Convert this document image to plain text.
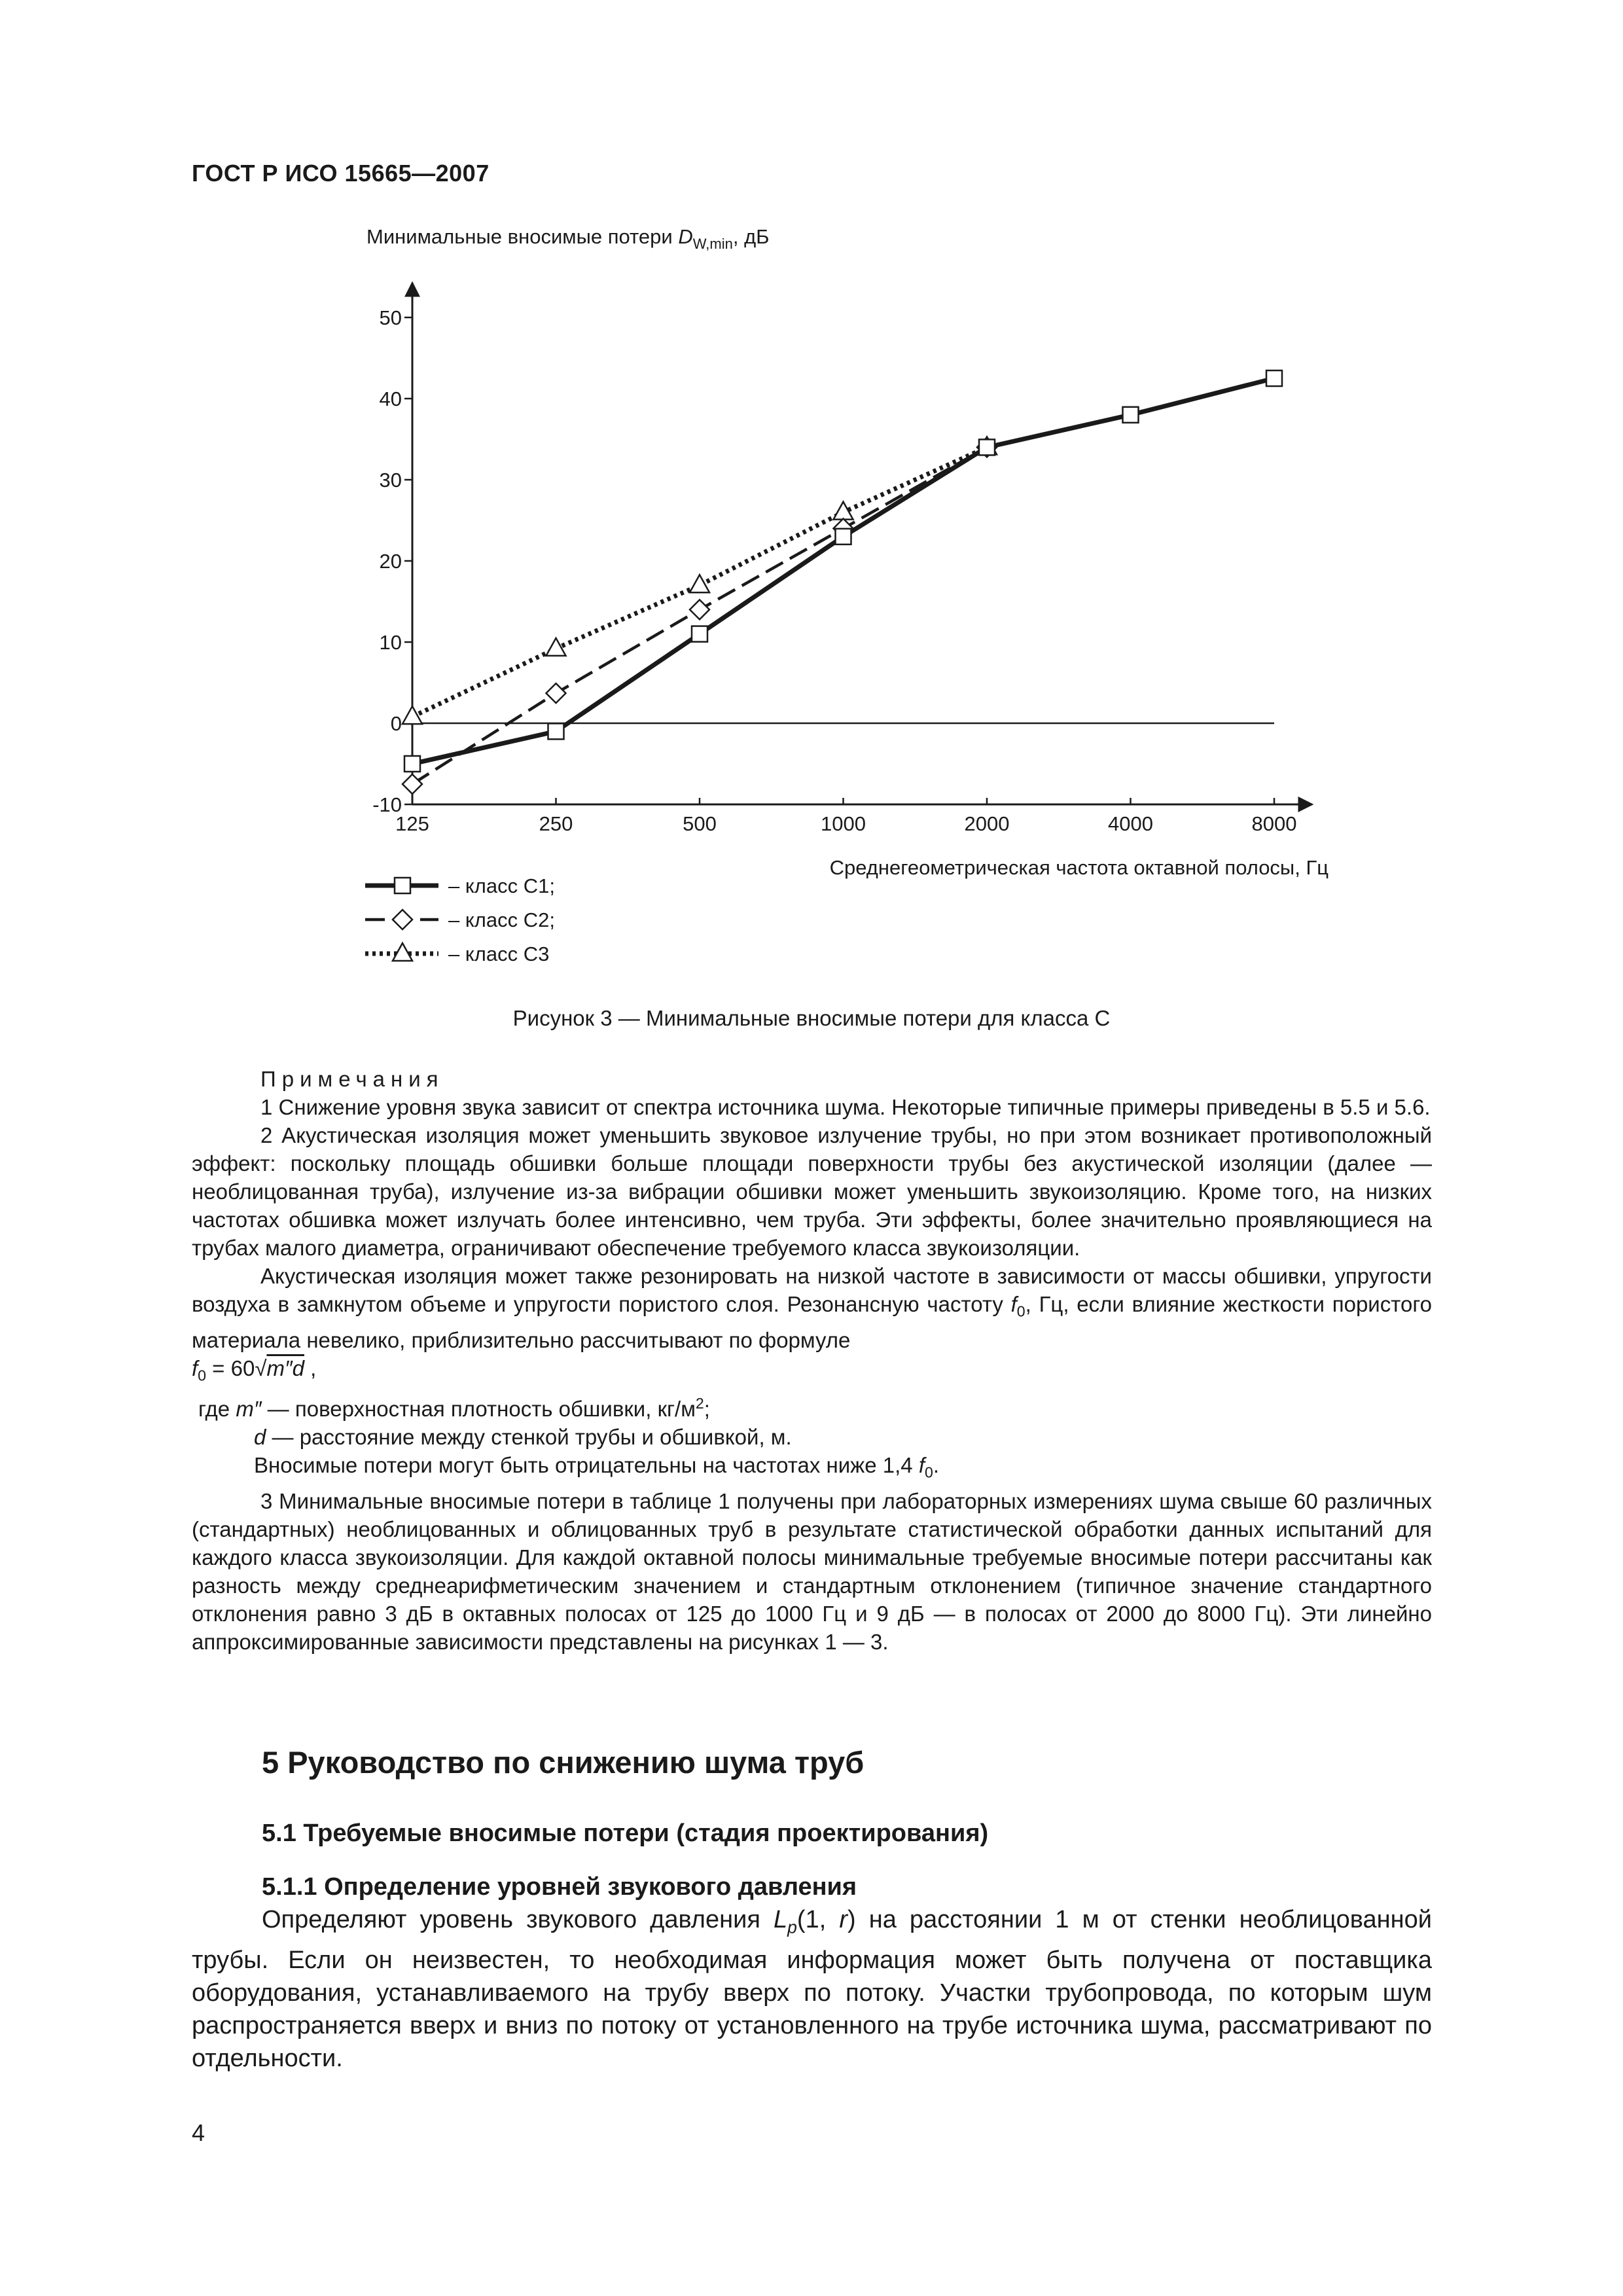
ГОСТ Р ИСО 15665—2007
Минимальные вносимые потери $D_{W,min}$, дБ
-10
0
10
20
30
40
50
125	250	500	1000	2000	4000	8000
Среднегеометрическая частота октавной полосы, Гц
– класс C1;
– класс C2;
– класс C3
Рисунок 3 — Минимальные вносимые потери для класса С

Примечания

1 Снижение уровня звука зависит от спектра источника шума. Некоторые типичные примеры приведены в 5.5 и 5.6.

2 Акустическая изоляция может уменьшить звуковое излучение трубы, но при этом возникает противоположный эффект: поскольку площадь обшивки больше площади поверхности трубы без акустической изоляции (далее — необлицованная труба), излучение из-за вибрации обшивки может уменьшить звукоизоляцию. Кроме того, на низких частотах обшивка может излучать более интенсивно, чем труба. Эти эффекты, более значительно проявляющиеся на трубах малого диаметра, ограничивают обеспечение требуемого класса звукоизоляции.

Акустическая изоляция может также резонировать на низкой частоте в зависимости от массы обшивки, упругости воздуха в замкнутом объеме и упругости пористого слоя. Резонансную частоту $f_0$, Гц, если влияние жесткости пористого материала невелико, приблизительно рассчитывают по формуле

$f_0 = 60√m''d$ ,

где m″ — поверхностная плотность обшивки, $кг/м^2$;

d — расстояние между стенкой трубы и обшивкой, м.

Вносимые потери могут быть отрицательны на частотах ниже 1,4 $f_0$.

3 Минимальные вносимые потери в таблице 1 получены при лабораторных измерениях шума свыше 60 различных (стандартных) необлицованных и облицованных труб в результате статистической обработки данных испытаний для каждого класса звукоизоляции. Для каждой октавной полосы минимальные требуемые вносимые потери рассчитаны как разность между среднеарифметическим значением и стандартным отклонением (типичное значение стандартного отклонения равно 3 дБ в октавных полосах от 125 до 1000 Гц и 9 дБ — в полосах от 2000 до 8000 Гц). Эти линейно аппроксимированные зависимости представлены на рисунках 1 — 3.

5 Руководство по снижению шума труб
5.1 Требуемые вносимые потери (стадия проектирования)
5.1.1 Определение уровней звукового давления

Определяют уровень звукового давления $L_p(1$, r) на расстоянии 1 м от стенки необлицованной трубы. Если он неизвестен, то необходимая информация может быть получена от поставщика оборудования, устанавливаемого на трубу вверх по потоку. Участки трубопровода, по которым шум распространяется вверх и вниз по потоку от установленного на трубе источника шума, рассматривают по отдельности.

4
